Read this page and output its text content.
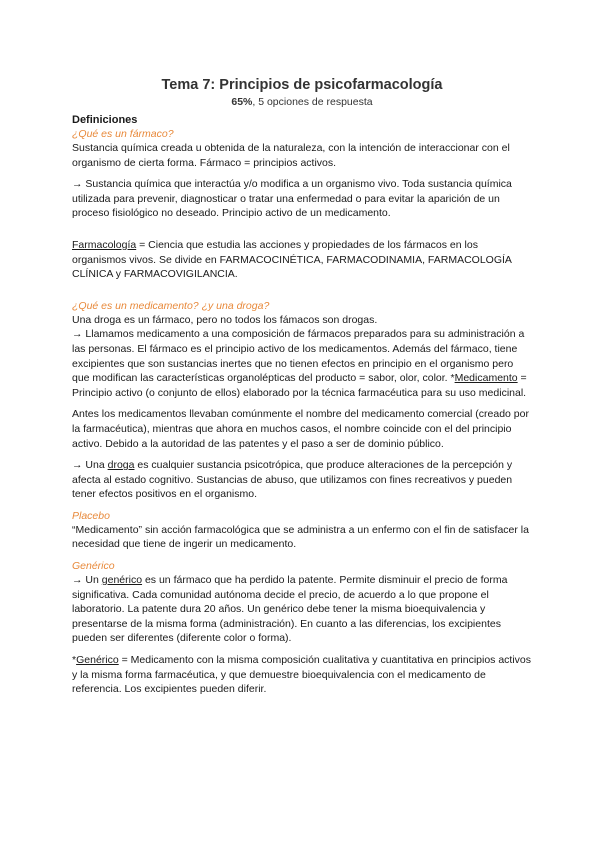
Tema 7: Principios de psicofarmacología
65%, 5 opciones de respuesta
Definiciones
¿Qué es un fármaco?

Sustancia química creada u obtenida de la naturaleza, con la intención de interaccionar con el organismo de cierta forma. Fármaco = principios activos.

→ Sustancia química que interactúa y/o modifica a un organismo vivo. Toda sustancia química utilizada para prevenir, diagnosticar o tratar una enfermedad o para evitar la aparición de un proceso fisiológico no deseado. Principio activo de un medicamento.

Farmacología = Ciencia que estudia las acciones y propiedades de los fármacos en los organismos vivos. Se divide en FARMACOCINÉTICA, FARMACODINAMIA, FARMACOLOGÍA CLÍNICA y FARMACOVIGILANCIA.

¿Qué es un medicamento? ¿y una droga?

Una droga es un fármaco, pero no todos los fámacos son drogas.

→ Llamamos medicamento a una composición de fármacos preparados para su administración a las personas. El fármaco es el principio activo de los medicamentos. Además del fármaco, tiene excipientes que son sustancias inertes que no tienen efectos en principio en el organismo pero que modifican las características organolépticas del producto = sabor, olor, color. *Medicamento = Principio activo (o conjunto de ellos) elaborado por la técnica farmacéutica para su uso medicinal.

Antes los medicamentos llevaban comúnmente el nombre del medicamento comercial (creado por la farmacéutica), mientras que ahora en muchos casos, el nombre coincide con el del principio activo. Debido a la autoridad de las patentes y el paso a ser de dominio público.

→ Una droga es cualquier sustancia psicotrópica, que produce alteraciones de la percepción y afecta al estado cognitivo. Sustancias de abuso, que utilizamos con fines recreativos y pueden tener efectos positivos en el organismo.

Placebo

“Medicamento” sin acción farmacológica que se administra a un enfermo con el fin de satisfacer la necesidad que tiene de ingerir un medicamento.

Genérico

→ Un genérico es un fármaco que ha perdido la patente. Permite disminuir el precio de forma significativa. Cada comunidad autónoma decide el precio, de acuerdo a lo que propone el laboratorio. La patente dura 20 años. Un genérico debe tener la misma bioequivalencia y presentarse de la misma forma (administración). En cuanto a las diferencias, los excipientes pueden ser diferentes (diferente color o forma).

*Genérico = Medicamento con la misma composición cualitativa y cuantitativa en principios activos y la misma forma farmacéutica, y que demuestre bioequivalencia con el medicamento de referencia. Los excipientes pueden diferir.
